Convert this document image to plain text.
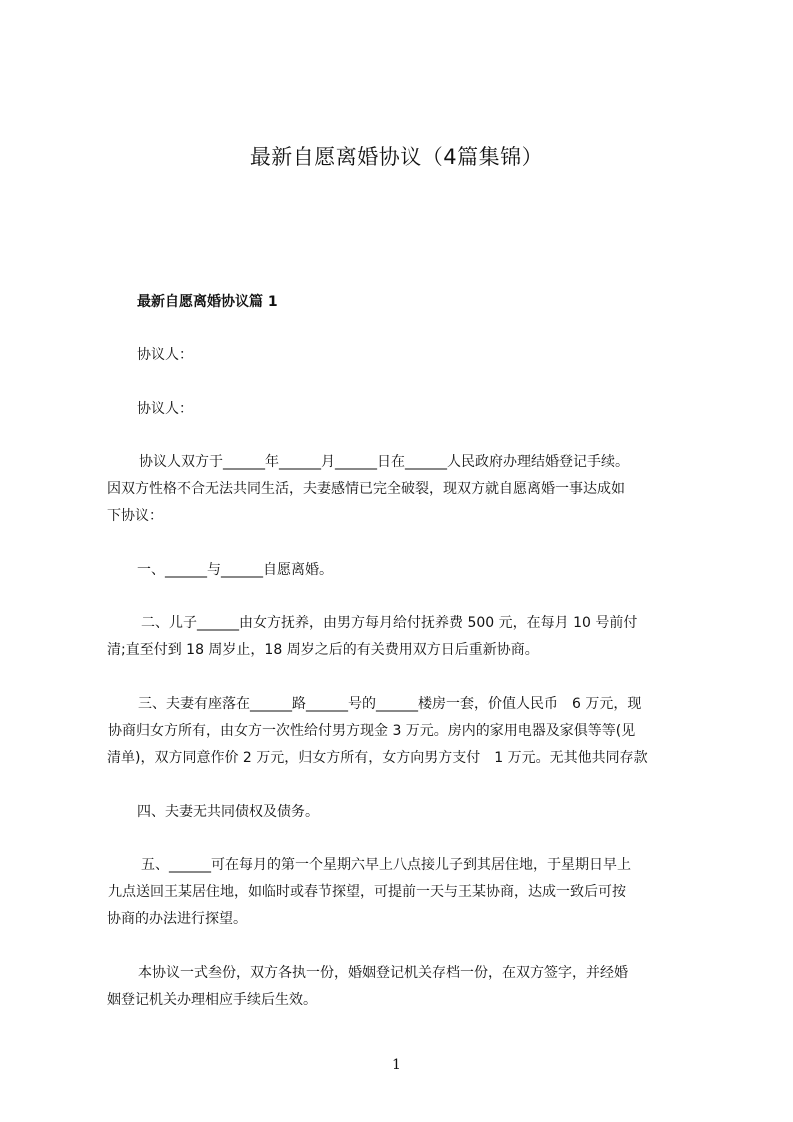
最新自愿离婚协议（4篇集锦）
最新自愿离婚协议篇 1
协议人：
协议人：
协议人双方于______年______月______日在______人民政府办理结婚登记手续。
因双方性格不合无法共同生活，夫妻感情已完全破裂，现双方就自愿离婚一事达成如
下协议：
一、______与______自愿离婚。
二、儿子______由女方抚养，由男方每月给付抚养费 500 元，在每月 10 号前付
清;直至付到 18 周岁止，18 周岁之后的有关费用双方日后重新协商。
三、夫妻有座落在______路______号的______楼房一套，价值人民币　6 万元，现
协商归女方所有，由女方一次性给付男方现金 3 万元。房内的家用电器及家俱等等(见
清单)，双方同意作价 2 万元，归女方所有，女方向男方支付　1 万元。无其他共同存款
四、夫妻无共同债权及债务。
五、______可在每月的第一个星期六早上八点接儿子到其居住地，于星期日早上
九点送回王某居住地，如临时或春节探望，可提前一天与王某协商，达成一致后可按
协商的办法进行探望。
本协议一式叁份，双方各执一份，婚姻登记机关存档一份，在双方签字，并经婚
姻登记机关办理相应手续后生效。
1
